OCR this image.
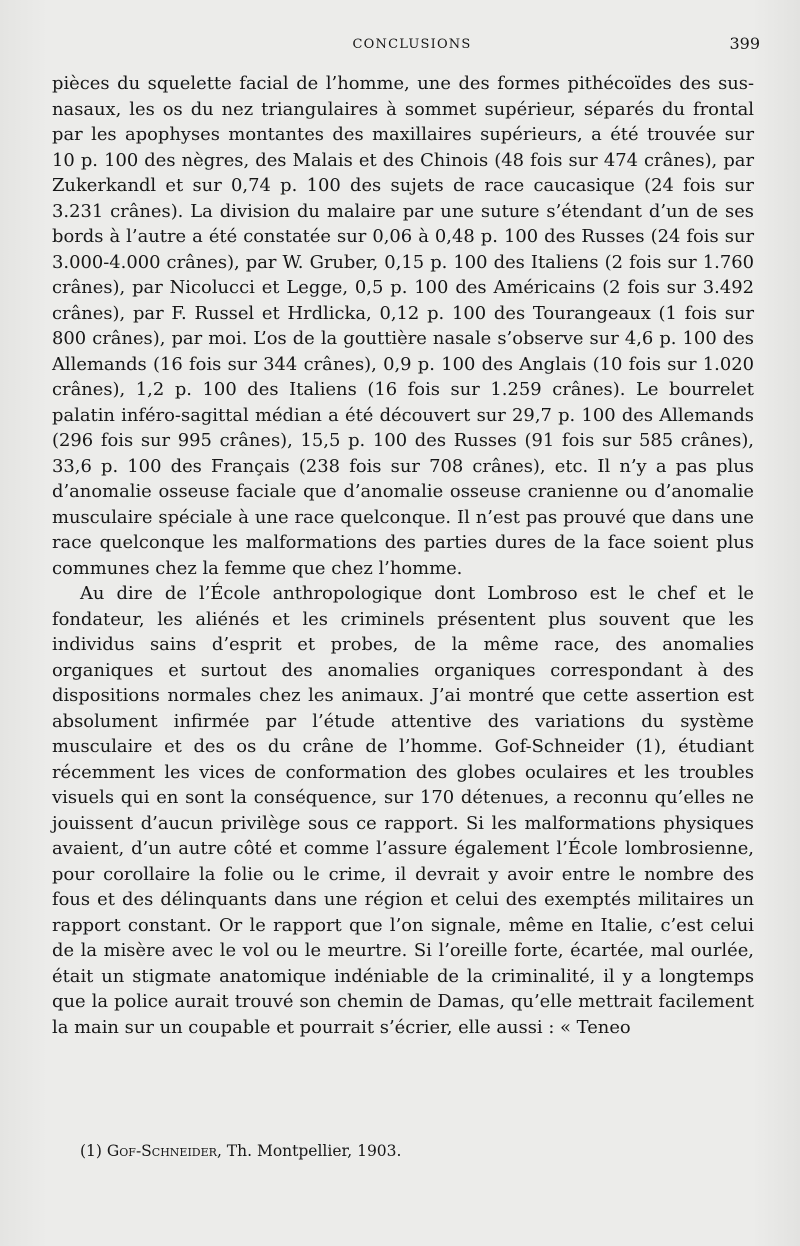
CONCLUSIONS	399

pièces du squelette facial de l’homme, une des formes pithécoïdes des sus-nasaux, les os du nez triangulaires à sommet supérieur, séparés du frontal par les apophyses montantes des maxillaires supérieurs, a été trouvée sur 10 p. 100 des nègres, des Malais et des Chinois (48 fois sur 474 crânes), par Zukerkandl et sur 0,74 p. 100 des sujets de race caucasique (24 fois sur 3.231 crânes). La division du malaire par une suture s’étendant d’un de ses bords à l’autre a été constatée sur 0,06 à 0,48 p. 100 des Russes (24 fois sur 3.000-4.000 crânes), par W. Gruber, 0,15 p. 100 des Italiens (2 fois sur 1.760 crânes), par Nicolucci et Legge, 0,5 p. 100 des Américains (2 fois sur 3.492 crânes), par F. Russel et Hrdlicka, 0,12 p. 100 des Tourangeaux (1 fois sur 800 crânes), par moi. L’os de la gouttière nasale s’observe sur 4,6 p. 100 des Allemands (16 fois sur 344 crânes), 0,9 p. 100 des Anglais (10 fois sur 1.020 crânes), 1,2 p. 100 des Italiens (16 fois sur 1.259 crânes). Le bourrelet palatin inféro-sagittal médian a été découvert sur 29,7 p. 100 des Allemands (296 fois sur 995 crânes), 15,5 p. 100 des Russes (91 fois sur 585 crânes), 33,6 p. 100 des Français (238 fois sur 708 crânes), etc. Il n’y a pas plus d’anomalie osseuse faciale que d’anomalie osseuse cranienne ou d’anomalie musculaire spéciale à une race quelconque. Il n’est pas prouvé que dans une race quelconque les malformations des parties dures de la face soient plus communes chez la femme que chez l’homme.

Au dire de l’École anthropologique dont Lombroso est le chef et le fondateur, les aliénés et les criminels présentent plus souvent que les individus sains d’esprit et probes, de la même race, des anomalies organiques et surtout des anomalies organiques correspondant à des dispositions normales chez les animaux. J’ai montré que cette assertion est absolument infirmée par l’étude attentive des variations du système musculaire et des os du crâne de l’homme. Gof-Schneider (1), étudiant récemment les vices de conformation des globes oculaires et les troubles visuels qui en sont la conséquence, sur 170 détenues, a reconnu qu’elles ne jouissent d’aucun privilège sous ce rapport. Si les malformations physiques avaient, d’un autre côté et comme l’assure également l’École lombrosienne, pour corollaire la folie ou le crime, il devrait y avoir entre le nombre des fous et des délinquants dans une région et celui des exemptés militaires un rapport constant. Or le rapport que l’on signale, même en Italie, c’est celui de la misère avec le vol ou le meurtre. Si l’oreille forte, écartée, mal ourlée, était un stigmate anatomique indéniable de la criminalité, il y a longtemps que la police aurait trouvé son chemin de Damas, qu’elle mettrait facilement la main sur un coupable et pourrait s’écrier, elle aussi : « Teneo

(1) Gof-Schneider, Th. Montpellier, 1903.
